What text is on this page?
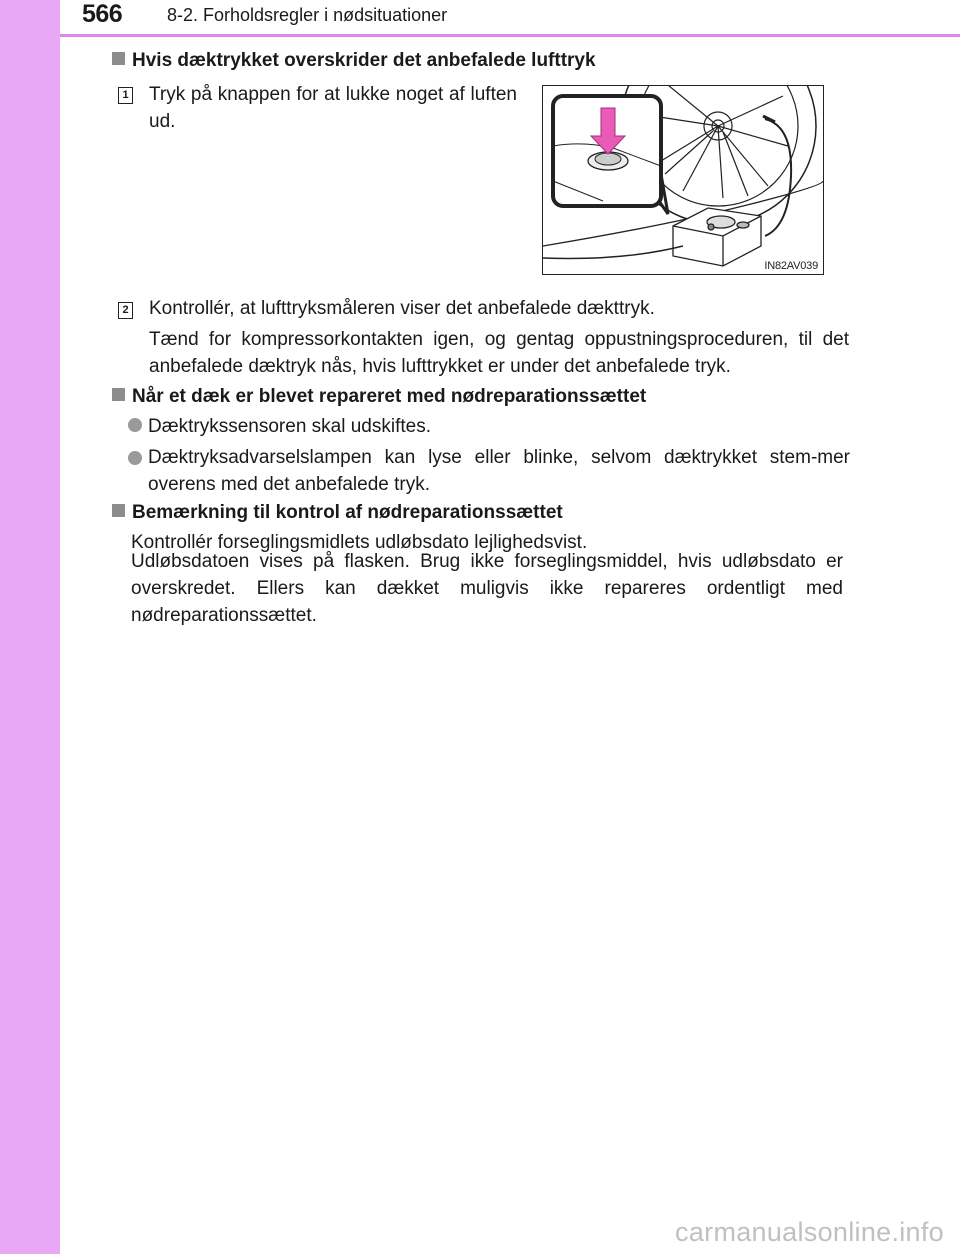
566 8-2. Forholdsregler i nødsituationer
Hvis dæktrykket overskrider det anbefalede lufttryk
1 Tryk på knappen for at lukke noget af luften ud.
IN82AV039
2 Kontrollér, at lufttryksmåleren viser det anbefalede dækttryk.
Tænd for kompressorkontakten igen, og gentag oppustningsproceduren, til det anbefalede dæktryk nås, hvis lufttrykket er under det anbefalede tryk.
Når et dæk er blevet repareret med nødreparationssættet
Dæktrykssensoren skal udskiftes.
Dæktryksadvarselslampen kan lyse eller blinke, selvom dæktrykket stem-mer overens med det anbefalede tryk.
Bemærkning til kontrol af nødreparationssættet
Kontrollér forseglingsmidlets udløbsdato lejlighedsvist.
Udløbsdatoen vises på flasken. Brug ikke forseglingsmiddel, hvis udløbsdato er overskredet. Ellers kan dækket muligvis ikke repareres ordentligt med nødreparationssættet.
carmanualsonline.info
